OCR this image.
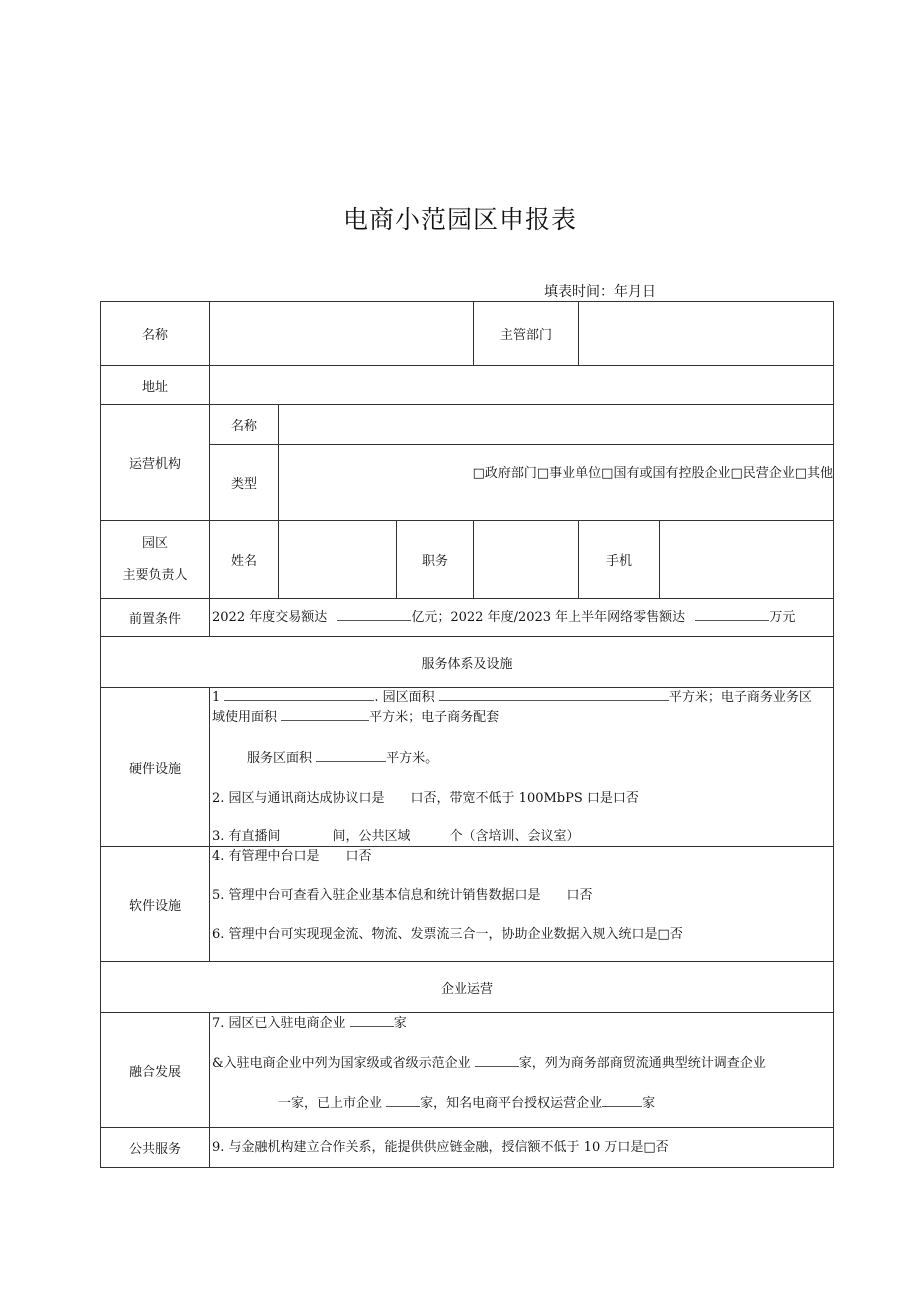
电商小范园区申报表
填表时间：年月日
名称				主管部门		
地址						
运营机构	名称					
	类型	□政府部门□事业单位□国有或国有控股企业□民营企业□其他				

园区
主要负责人	姓名		职务		手机	
前置条件	2022 年度交易额达 亿元；2022 年度/2023 年上半年网络零售额达 万元					
服务体系及设施						
硬件设施	1 . 园区面积 平方米；电子商务业务区
域使用面积 平方米；电子商务配套
服务区面积 平方米。
2. 园区与通讯商达成协议口是　　口否，带宽不低于 100MbPS 口是口否
3. 有直播间　　　　间，公共区域　　　个（含培训、会议室）					

软件设施	4. 有管理中台口是　　口否
5. 管理中台可查看入驻企业基本信息和统计销售数据口是　　口否
6. 管理中台可实现现金流、物流、发票流三合一，协助企业数据入规入统口是□否					

企业运营						
融合发展	7. 园区已入驻电商企业 家
&入驻电商企业中列为国家级或省级示范企业 家，列为商务部商贸流通典型统计调查企业
一家，已上市企业 家，知名电商平台授权运营企业 家					

公共服务	9. 与金融机构建立合作关系，能提供供应链金融，授信额不低于 10 万口是□否					
